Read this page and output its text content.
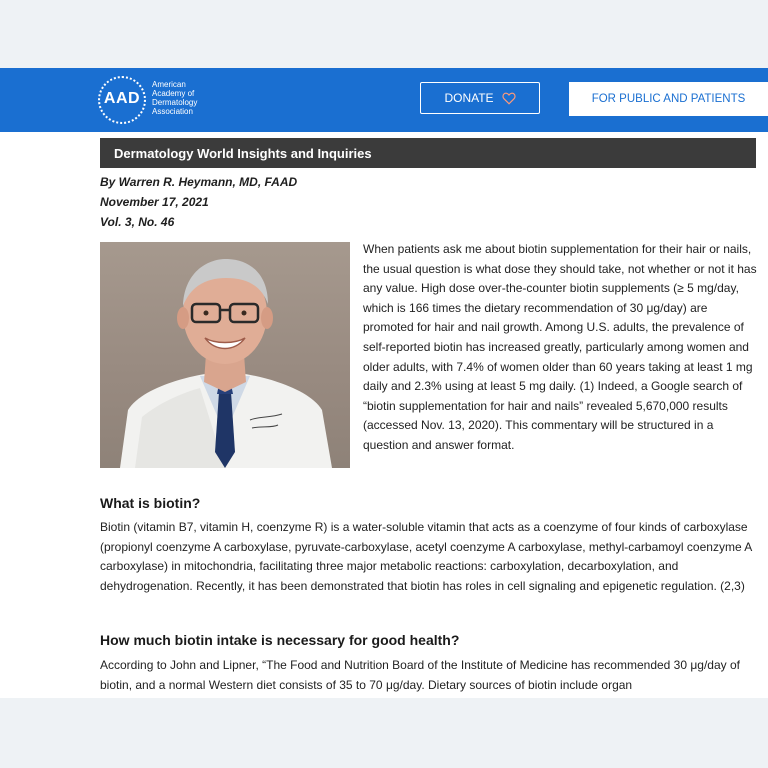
AAD
American
Academy of
Dermatology
Association
DONATE	FOR PUBLIC AND PATIENTS
Dermatology World Insights and Inquiries
By Warren R. Heymann, MD, FAAD
November 17, 2021
Vol. 3, No. 46
When patients ask me about biotin supplementation for their hair or nails, the usual question is what dose they should take, not whether or not it has any value. High dose over-the-counter biotin supplements (≥ 5 mg/day, which is 166 times the dietary recommendation of 30 μg/day) are promoted for hair and nail growth. Among U.S. adults, the prevalence of self-reported biotin has increased greatly, particularly among women and older adults, with 7.4% of women older than 60 years taking at least 1 mg daily and 2.3% using at least 5 mg daily. (1) Indeed, a Google search of “biotin supplementation for hair and nails” revealed 5,670,000 results (accessed Nov. 13, 2020). This commentary will be structured in a question and answer format.
What is biotin?
Biotin (vitamin B7, vitamin H, coenzyme R) is a water-soluble vitamin that acts as a coenzyme of four kinds of carboxylase (propionyl coenzyme A carboxylase, pyruvate-carboxylase, acetyl coenzyme A carboxylase, methyl-carbamoyl coenzyme A carboxylase) in mitochondria, facilitating three major metabolic reactions: carboxylation, decarboxylation, and dehydrogenation. Recently, it has been demonstrated that biotin has roles in cell signaling and epigenetic regulation. (2,3)
How much biotin intake is necessary for good health?
According to John and Lipner, “The Food and Nutrition Board of the Institute of Medicine has recommended 30 μg/day of biotin, and a normal Western diet consists of 35 to 70 μg/day. Dietary sources of biotin include organ
